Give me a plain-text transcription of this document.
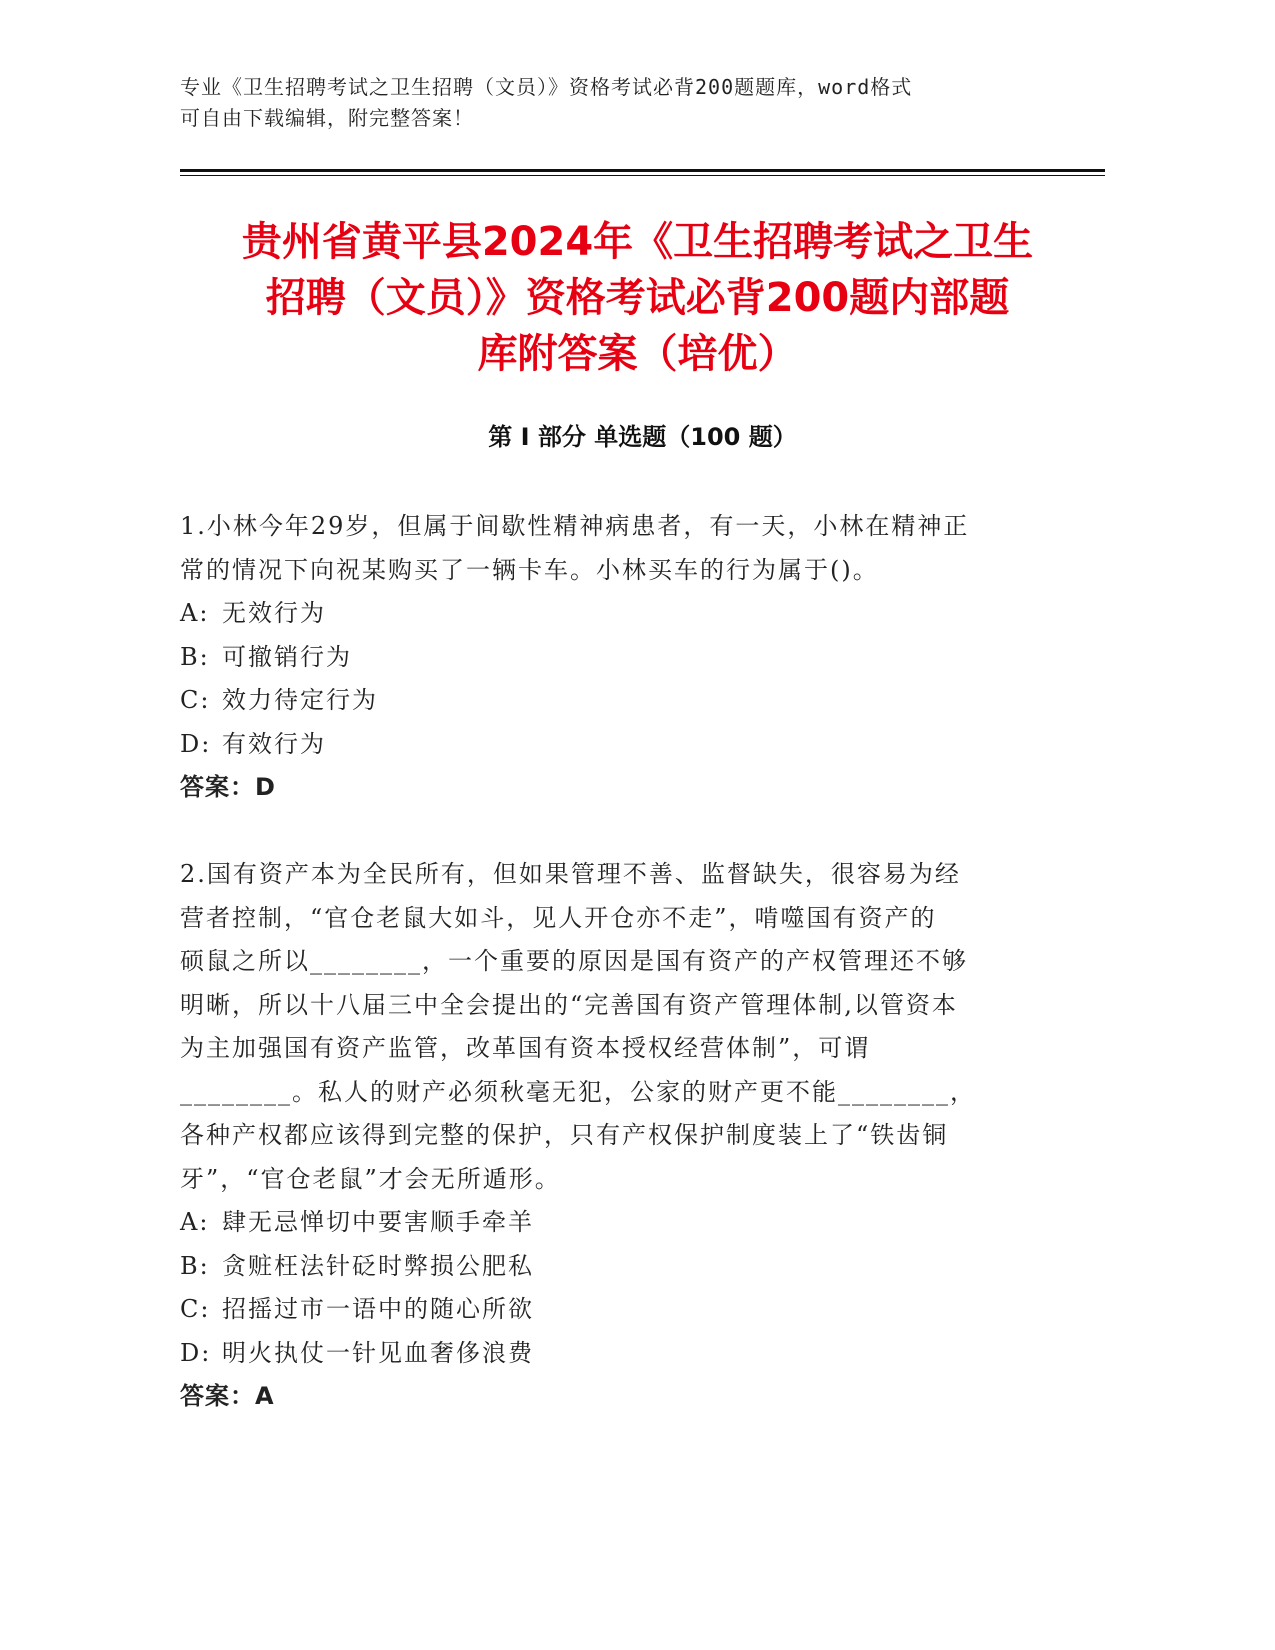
专业《卫生招聘考试之卫生招聘（文员）》资格考试必背200题题库，word格式
可自由下载编辑，附完整答案！
贵州省黄平县2024年《卫生招聘考试之卫生
招聘（文员）》资格考试必背200题内部题
库附答案（培优）
第 I 部分 单选题（100 题）

1.小林今年29岁，但属于间歇性精神病患者，有一天，小林在精神正

常的情况下向祝某购买了一辆卡车。小林买车的行为属于()。

A: 无效行为

B: 可撤销行为

C: 效力待定行为

D: 有效行为

答案：D

2.国有资产本为全民所有，但如果管理不善、监督缺失，很容易为经

营者控制，“官仓老鼠大如斗，见人开仓亦不走”，啃噬国有资产的

硕鼠之所以________，一个重要的原因是国有资产的产权管理还不够

明晰，所以十八届三中全会提出的“完善国有资产管理体制,以管资本

为主加强国有资产监管，改革国有资本授权经营体制”，可谓

________。私人的财产必须秋毫无犯，公家的财产更不能________，

各种产权都应该得到完整的保护，只有产权保护制度装上了“铁齿铜

牙”，“官仓老鼠”才会无所遁形。

A: 肆无忌惮切中要害顺手牵羊

B: 贪赃枉法针砭时弊损公肥私

C: 招摇过市一语中的随心所欲

D: 明火执仗一针见血奢侈浪费

答案：A
